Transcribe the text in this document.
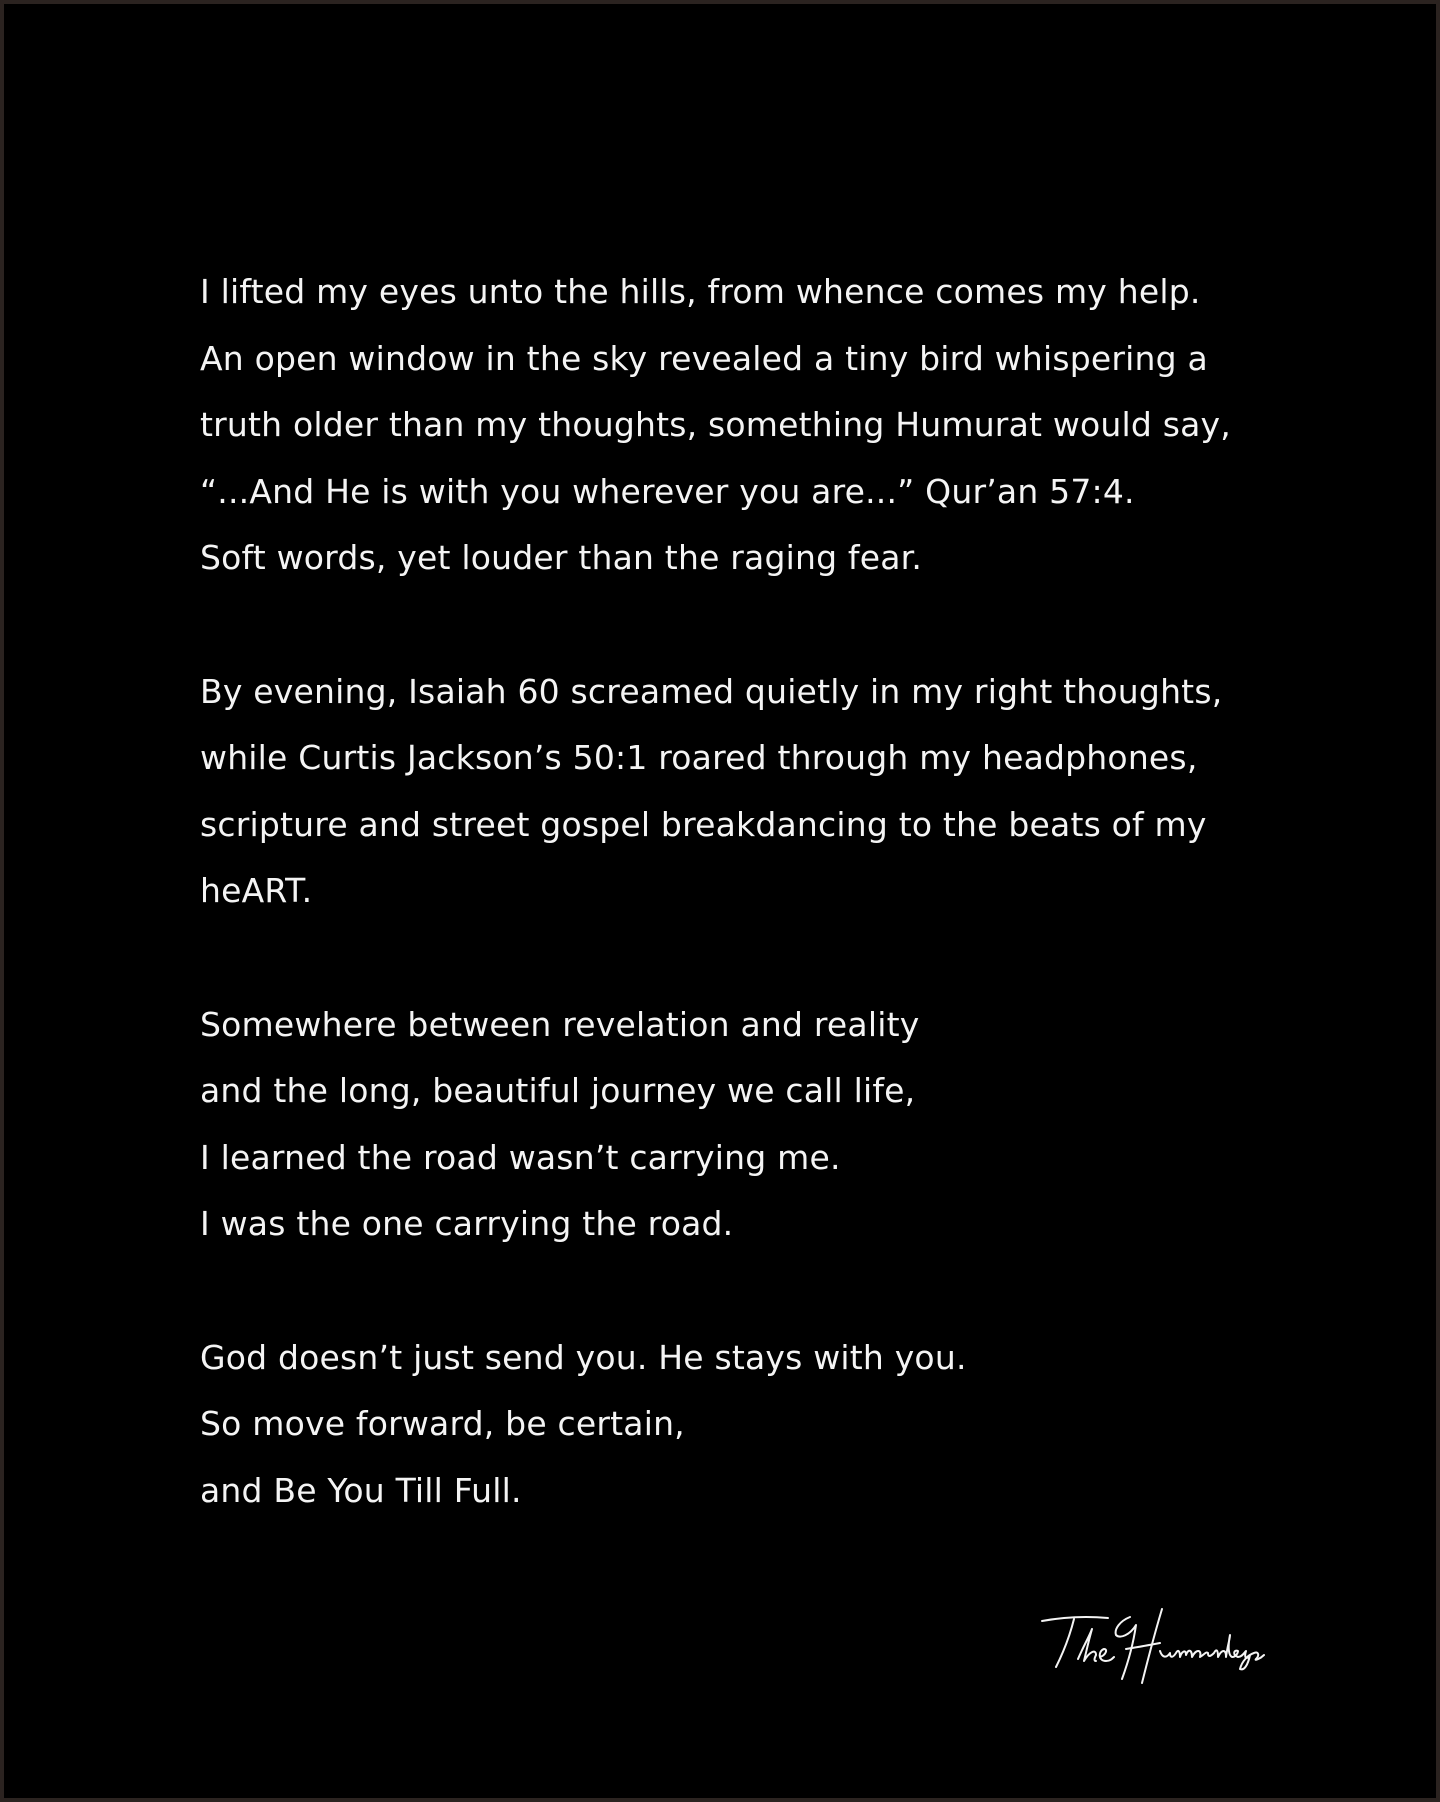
I lifted my eyes unto the hills, from whence comes my help.
An open window in the sky revealed a tiny bird whispering a
truth older than my thoughts, something Humurat would say,
“...And He is with you wherever you are...” Qur’an 57:4.
Soft words, yet louder than the raging fear.
By evening, Isaiah 60 screamed quietly in my right thoughts,
while Curtis Jackson’s 50:1 roared through my headphones,
scripture and street gospel breakdancing to the beats of my
heART.
Somewhere between revelation and reality
and the long, beautiful journey we call life,
I learned the road wasn’t carrying me.
I was the one carrying the road.
God doesn’t just send you. He stays with you.
So move forward, be certain,
and Be You Till Full.
